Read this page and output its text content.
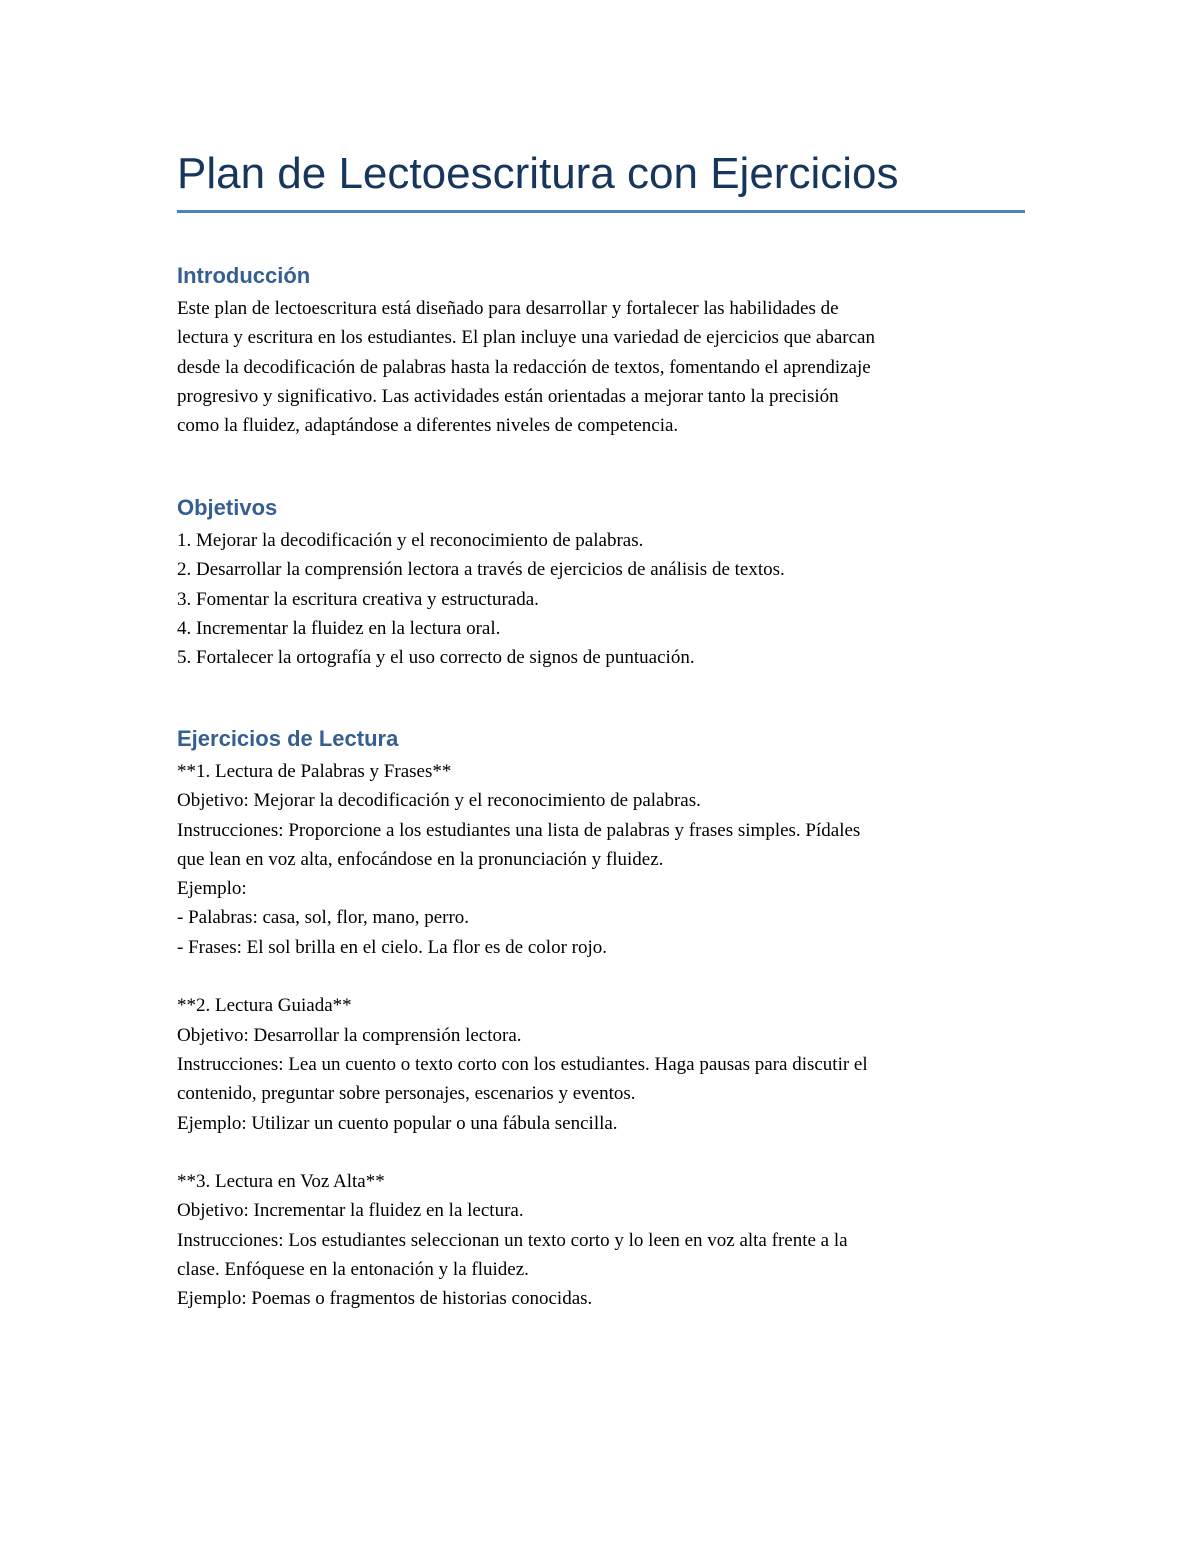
Plan de Lectoescritura con Ejercicios
Introducción
Este plan de lectoescritura está diseñado para desarrollar y fortalecer las habilidades de
lectura y escritura en los estudiantes. El plan incluye una variedad de ejercicios que abarcan
desde la decodificación de palabras hasta la redacción de textos, fomentando el aprendizaje
progresivo y significativo. Las actividades están orientadas a mejorar tanto la precisión
como la fluidez, adaptándose a diferentes niveles de competencia.
Objetivos
1. Mejorar la decodificación y el reconocimiento de palabras.
2. Desarrollar la comprensión lectora a través de ejercicios de análisis de textos.
3. Fomentar la escritura creativa y estructurada.
4. Incrementar la fluidez en la lectura oral.
5. Fortalecer la ortografía y el uso correcto de signos de puntuación.
Ejercicios de Lectura
**1. Lectura de Palabras y Frases**
Objetivo: Mejorar la decodificación y el reconocimiento de palabras.
Instrucciones: Proporcione a los estudiantes una lista de palabras y frases simples. Pídales
que lean en voz alta, enfocándose en la pronunciación y fluidez.
Ejemplo:
- Palabras: casa, sol, flor, mano, perro.
- Frases: El sol brilla en el cielo. La flor es de color rojo.
**2. Lectura Guiada**
Objetivo: Desarrollar la comprensión lectora.
Instrucciones: Lea un cuento o texto corto con los estudiantes. Haga pausas para discutir el
contenido, preguntar sobre personajes, escenarios y eventos.
Ejemplo: Utilizar un cuento popular o una fábula sencilla.
**3. Lectura en Voz Alta**
Objetivo: Incrementar la fluidez en la lectura.
Instrucciones: Los estudiantes seleccionan un texto corto y lo leen en voz alta frente a la
clase. Enfóquese en la entonación y la fluidez.
Ejemplo: Poemas o fragmentos de historias conocidas.
